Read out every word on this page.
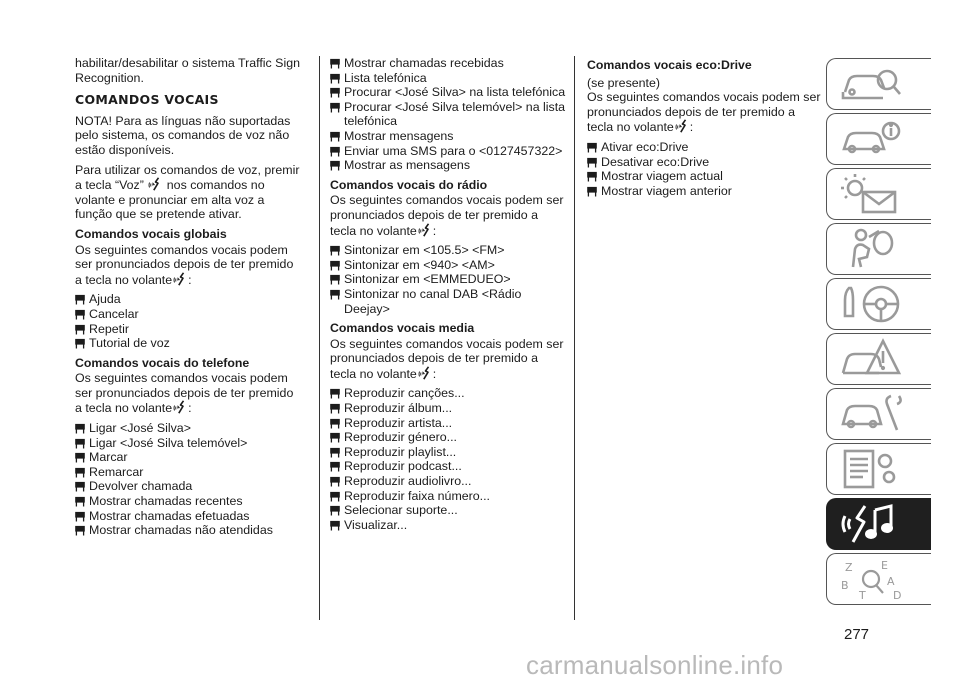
habilitar/desabilitar o sistema Traffic Sign Recognition.

COMANDOS VOCAIS

NOTA! Para as línguas não suportadas pelo sistema, os comandos de voz não estão disponíveis.

Para utilizar os comandos de voz, premir a tecla “Voz” nos comandos no volante e pronunciar em alta voz a função que se pretende ativar.

Comandos vocais globais

Os seguintes comandos vocais podem ser pronunciados depois de ter premido a tecla no volante :

Ajuda
Cancelar
Repetir
Tutorial de voz
Comandos vocais do telefone

Os seguintes comandos vocais podem ser pronunciados depois de ter premido a tecla no volante :

Ligar <José Silva>
Ligar <José Silva telemóvel>
Marcar
Remarcar
Devolver chamada
Mostrar chamadas recentes
Mostrar chamadas efetuadas
Mostrar chamadas não atendidas
Mostrar chamadas recebidas
Lista telefónica
Procurar <José Silva> na lista telefónica
Procurar <José Silva telemóvel> na lista telefónica
Mostrar mensagens
Enviar uma SMS para o <0127457322>
Mostrar as mensagens
Comandos vocais do rádio

Os seguintes comandos vocais podem ser pronunciados depois de ter premido a tecla no volante :

Sintonizar em <105.5> <FM>
Sintonizar em <940> <AM>
Sintonizar em <EMMEDUEO>
Sintonizar no canal DAB <Rádio Deejay>
Comandos vocais media

Os seguintes comandos vocais podem ser pronunciados depois de ter premido a tecla no volante :

Reproduzir canções...
Reproduzir álbum...
Reproduzir artista...
Reproduzir género...
Reproduzir playlist...
Reproduzir podcast...
Reproduzir audiolivro...
Reproduzir faixa número...
Selecionar suporte...
Visualizar...
Comandos vocais eco:Drive

(se presente)

Os seguintes comandos vocais podem ser pronunciados depois de ter premido a tecla no volante :

Ativar eco:Drive
Desativar eco:Drive
Mostrar viagem actual
Mostrar viagem anterior
Z	E
B	A
T D
277
carmanualsonline.info
